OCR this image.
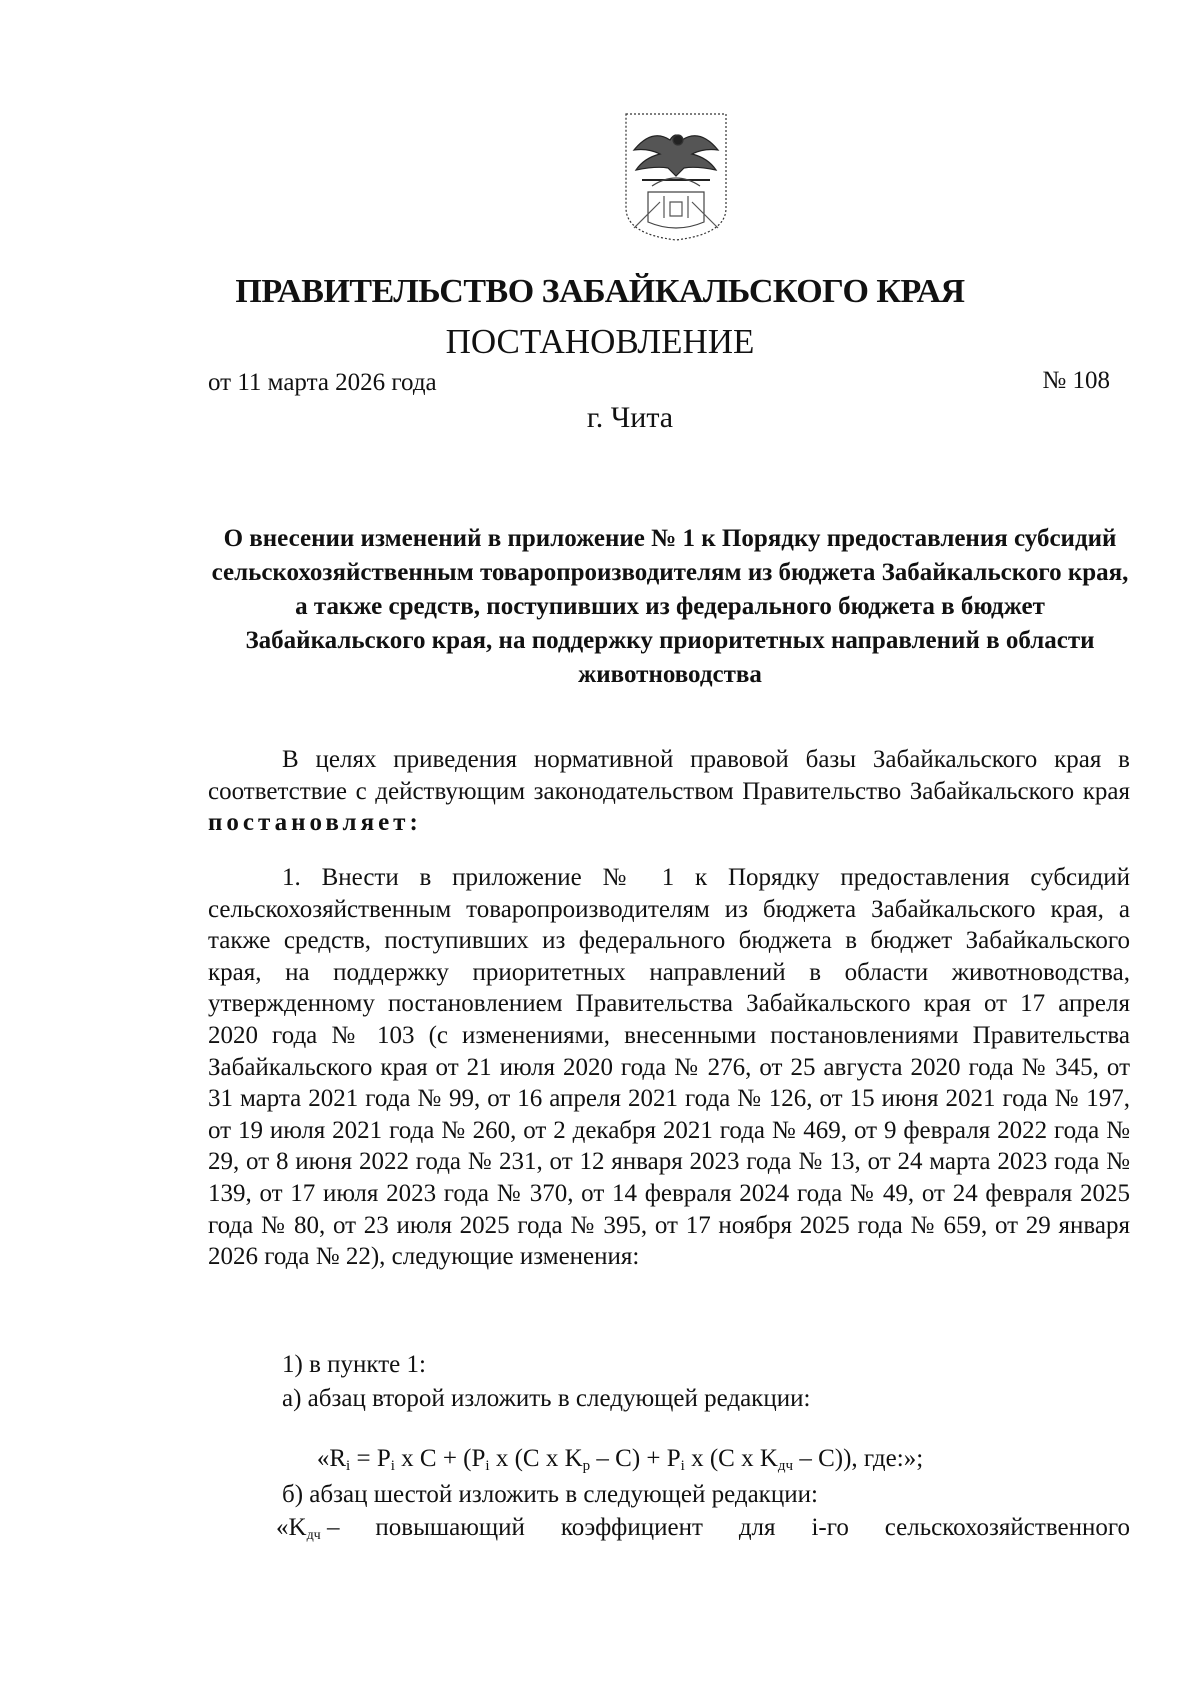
ПРАВИТЕЛЬСТВО ЗАБАЙКАЛЬСКОГО КРАЯ
ПОСТАНОВЛЕНИЕ
от 11 марта 2026 года	№ 108
г. Чита
О внесении изменений в приложение № 1 к Порядку предоставления субсидий сельскохозяйственным товаропроизводителям из бюджета Забайкальского края, а также средств, поступивших из федерального бюджета в бюджет Забайкальского края, на поддержку приоритетных направлений в области животноводства

В целях приведения нормативной правовой базы Забайкальского края в соответствие с действующим законодательством Правительство Забайкальского края постановляет:

1. Внести в приложение № 1 к Порядку предоставления субсидий сельскохозяйственным товаропроизводителям из бюджета Забайкальского края, а также средств, поступивших из федерального бюджета в бюджет Забайкальского края, на поддержку приоритетных направлений в области животноводства, утвержденному постановлением Правительства Забайкальского края от 17 апреля 2020 года № 103 (с изменениями, внесенными постановлениями Правительства Забайкальского края от 21 июля 2020 года № 276, от 25 августа 2020 года № 345, от 31 марта 2021 года № 99, от 16 апреля 2021 года № 126, от 15 июня 2021 года № 197, от 19 июля 2021 года № 260, от 2 декабря 2021 года № 469, от 9 февраля 2022 года № 29, от 8 июня 2022 года № 231, от 12 января 2023 года № 13, от 24 марта 2023 года № 139, от 17 июля 2023 года № 370, от 14 февраля 2024 года № 49, от 24 февраля 2025 года № 80, от 23 июля 2025 года № 395, от 17 ноября 2025 года № 659, от 29 января 2026 года № 22), следующие изменения:

1) в пункте 1:
а) абзац второй изложить в следующей редакции:
«$R_i = P_i$ x $C + (P_i$ x (C x $K_р - C) + P_i$ x (C x $K_{дч} - C$)), где:»;
б) абзац шестой изложить в следующей редакции:
«$K_{дч}$ – повышающий коэффициент для i-го сельскохозяйственного
